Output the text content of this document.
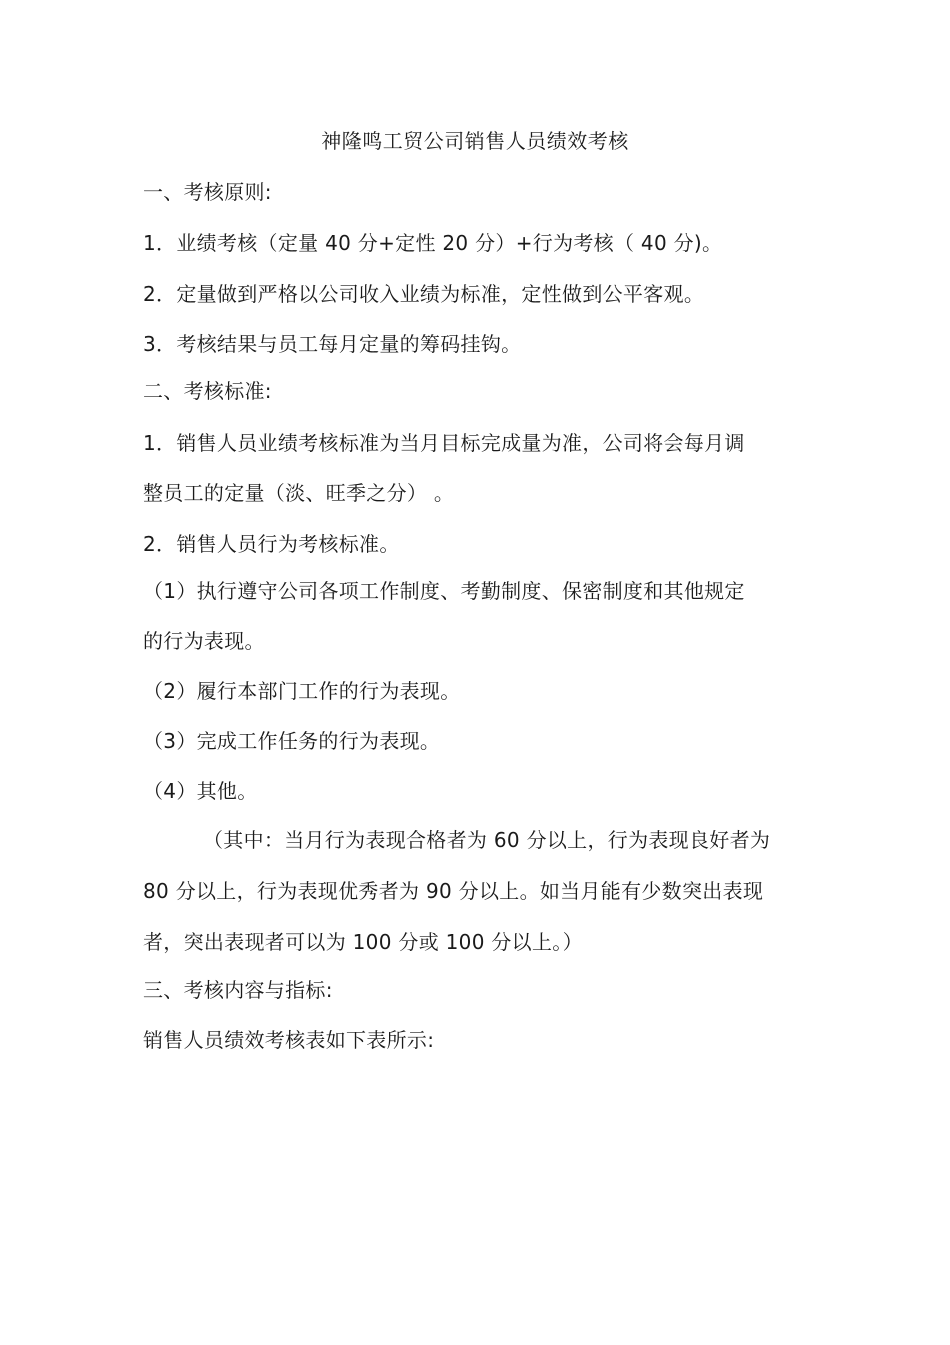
神隆鸣工贸公司销售人员绩效考核
一、考核原则:
1．业绩考核（定量 40 分+定性 20 分）+行为考核（ 40 分)。
2．定量做到严格以公司收入业绩为标准，定性做到公平客观。
3．考核结果与员工每月定量的筹码挂钩。
二、考核标准:
1．销售人员业绩考核标准为当月目标完成量为准，公司将会每月调
整员工的定量（淡、旺季之分） 。
2．销售人员行为考核标准。
（1）执行遵守公司各项工作制度、考勤制度、保密制度和其他规定
的行为表现。
（2）履行本部门工作的行为表现。
（3）完成工作任务的行为表现。
（4）其他。
（其中：当月行为表现合格者为 60 分以上，行为表现良好者为
80 分以上，行为表现优秀者为 90 分以上。如当月能有少数突出表现
者，突出表现者可以为 100 分或 100 分以上。）
三、考核内容与指标:
销售人员绩效考核表如下表所示:
